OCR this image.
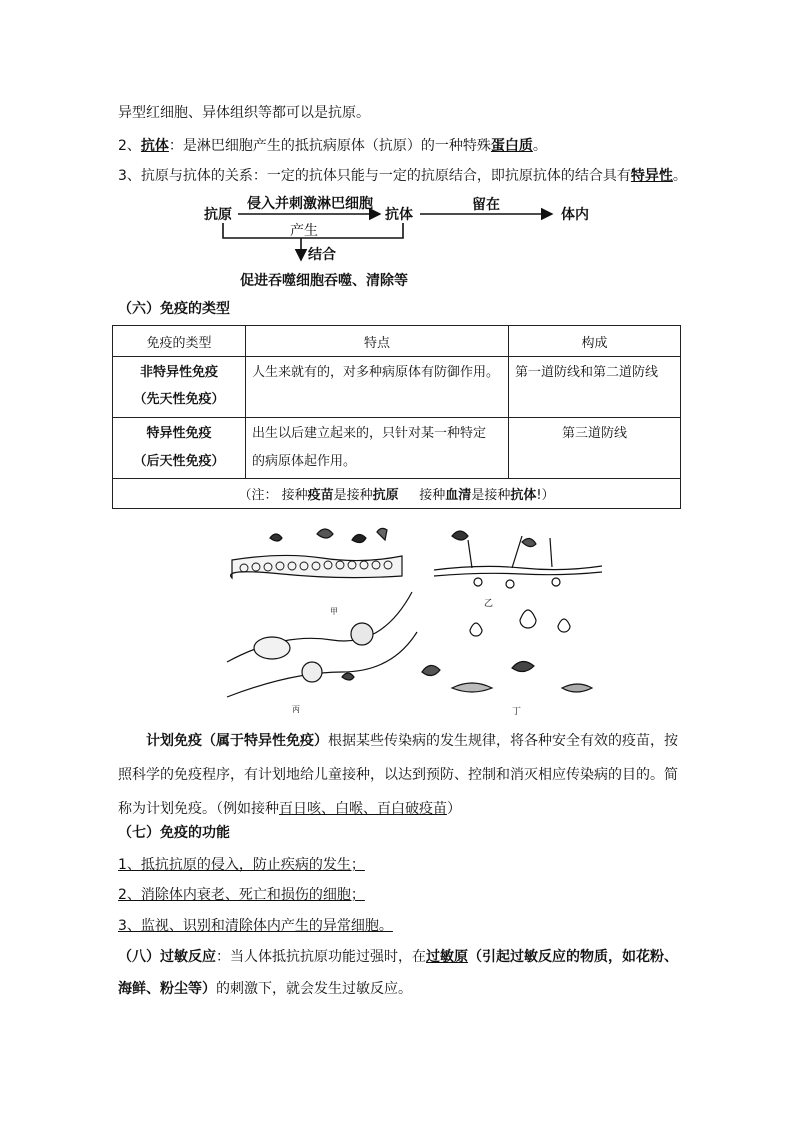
异型红细胞、异体组织等都可以是抗原。
2、抗体：是淋巴细胞产生的抵抗病原体（抗原）的一种特殊蛋白质。
3、抗原与抗体的关系：一定的抗体只能与一定的抗原结合，即抗原抗体的结合具有特异性。
抗原
侵入并刺激淋巴细胞
产生
抗体
留在
体内
结合
促进吞噬细胞吞噬、清除等
（六）免疫的类型
免疫的类型	特点	构成

非特异性免疫
（先天性免疫）	人生来就有的，对多种病原体有防御作用。	第一道防线和第二道防线

特异性免疫
（后天性免疫）	出生以后建立起来的，只针对某一种特定
的病原体起作用。	第三道防线

（注： 接种疫苗是接种抗原     接种血清是接种抗体!）		
甲
乙
丙	丁
计划免疫（属于特异性免疫）根据某些传染病的发生规律，将各种安全有效的疫苗，按
照科学的免疫程序，有计划地给儿童接种，以达到预防、控制和消灭相应传染病的目的。简
称为计划免疫。（例如接种百日咳、白喉、百白破疫苗）
（七）免疫的功能
1、抵抗抗原的侵入，防止疾病的发生；
2、消除体内衰老、死亡和损伤的细胞；
3、监视、识别和清除体内产生的异常细胞。
（八）过敏反应：当人体抵抗抗原功能过强时，在过敏原（引起过敏反应的物质，如花粉、
海鲜、粉尘等）的刺激下，就会发生过敏反应。
